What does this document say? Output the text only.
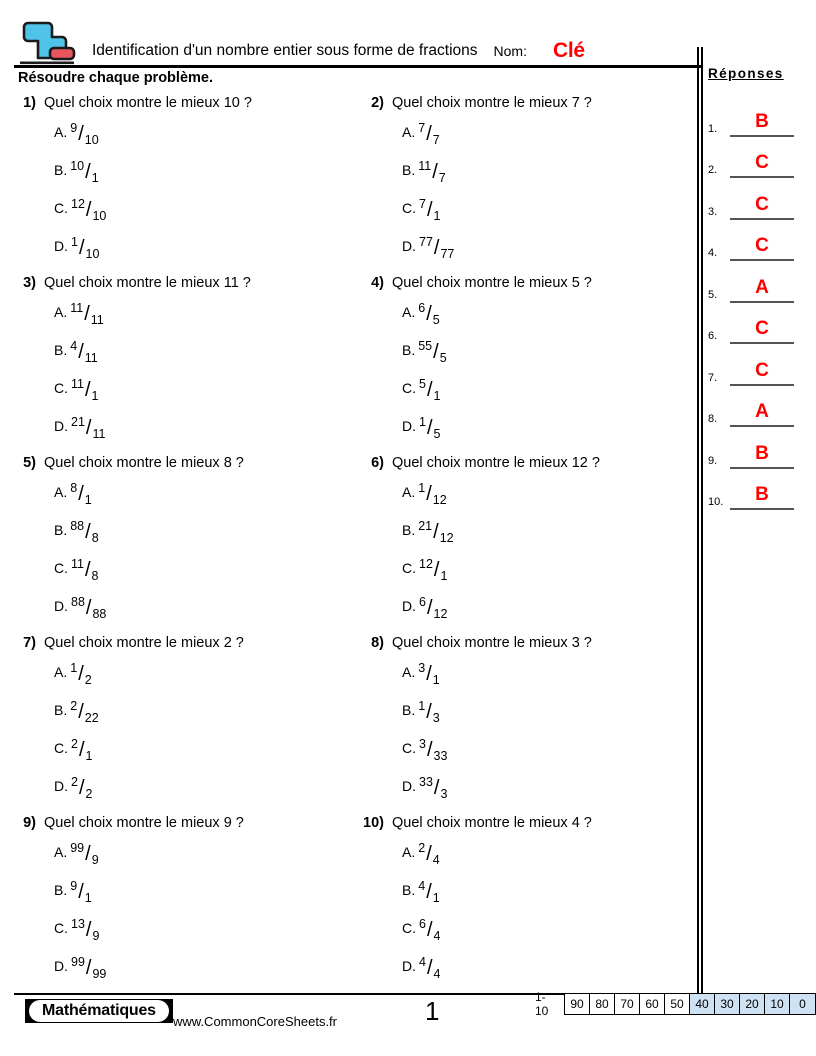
Identification d'un nombre entier sous forme de fractions Nom: Clé
Résoudre chaque problème.
1) Quel choix montre le mieux 10 ?
A. 9/10
B. 10/1
C. 12/10
D. 1/10
2) Quel choix montre le mieux 7 ?
A. 7/7
B. 11/7
C. 7/1
D. 77/77
3) Quel choix montre le mieux 11 ?
A. 11/11
B. 4/11
C. 11/1
D. 21/11
4) Quel choix montre le mieux 5 ?
A. 6/5
B. 55/5
C. 5/1
D. 1/5
5) Quel choix montre le mieux 8 ?
A. 8/1
B. 88/8
C. 11/8
D. 88/88
6) Quel choix montre le mieux 12 ?
A. 1/12
B. 21/12
C. 12/1
D. 6/12
7) Quel choix montre le mieux 2 ?
A. 1/2
B. 2/22
C. 2/1
D. 2/2
8) Quel choix montre le mieux 3 ?
A. 3/1
B. 1/3
C. 3/33
D. 33/3
9) Quel choix montre le mieux 9 ?
A. 99/9
B. 9/1
C. 13/9
D. 99/99
10) Quel choix montre le mieux 4 ?
A. 2/4
B. 4/1
C. 6/4
D. 4/4
Réponses
1.	B
2.	C
3.	C
4.	C
5.	A
6.	C
7.	C
8.	A
9.	B
10.	B
Mathématiques
www.CommonCoreSheets.fr	1	1-10	90 80 70 60 50 40 30 20 10	0
